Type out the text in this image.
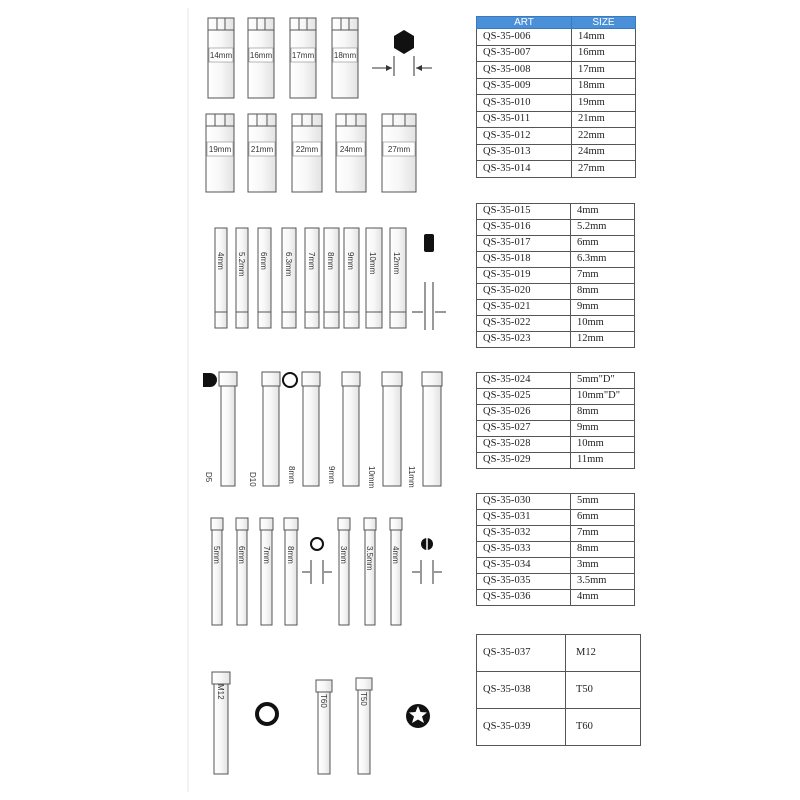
14mm 16mm 17mm 18mm
19mm 21mm	22mm	24mm	27mm
4mm 5.2mm 6mm 6.3mm 7mm 8mm 9mm 10mm 12mm
D5	D10	8mm	9mm	10mm	11mm
5mm 6mm 7mm 8mm	3mm 3.5mm 4mm
M12
T60	T50
ART	SIZE
QS-35-006	14mm
QS-35-007	16mm
QS-35-008	17mm
QS-35-009	18mm
QS-35-010	19mm
QS-35-011	21mm
QS-35-012	22mm
QS-35-013	24mm
QS-35-014	27mm
QS-35-015	4mm
QS-35-016	5.2mm
QS-35-017	6mm
QS-35-018	6.3mm
QS-35-019	7mm
QS-35-020	8mm
QS-35-021	9mm
QS-35-022	10mm
QS-35-023	12mm
QS-35-024	5mm"D"
QS-35-025	10mm"D"
QS-35-026	8mm
QS-35-027	9mm
QS-35-028	10mm
QS-35-029	11mm
QS-35-030	5mm
QS-35-031	6mm
QS-35-032	7mm
QS-35-033	8mm
QS-35-034	3mm
QS-35-035	3.5mm
QS-35-036	4mm
QS-35-037	M12
QS-35-038	T50
QS-35-039	T60
